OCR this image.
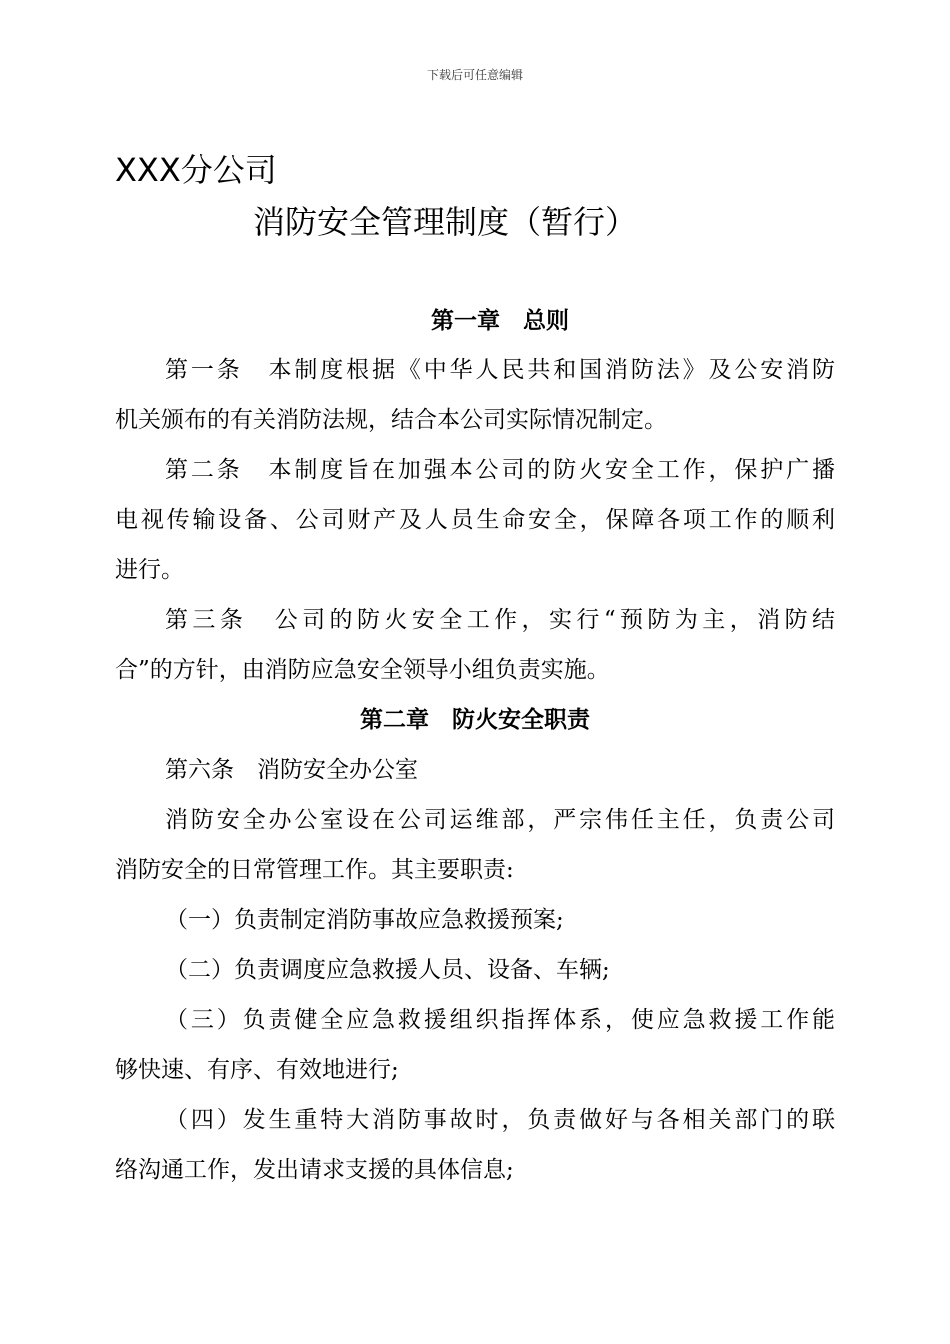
下载后可任意编辑
XXX分公司
消防安全管理制度（暂行）
第一章　总则
第一条　本制度根据《中华人民共和国消防法》及公安消防
机关颁布的有关消防法规，结合本公司实际情况制定。
第二条　本制度旨在加强本公司的防火安全工作，保护广播
电视传输设备、公司财产及人员生命安全，保障各项工作的顺利
进行。
第三条　公司的防火安全工作，实行“预防为主，消防结
合”的方针，由消防应急安全领导小组负责实施。
第二章　防火安全职责
第六条　消防安全办公室
消防安全办公室设在公司运维部，严宗伟任主任，负责公司
消防安全的日常管理工作。其主要职责:
（一）负责制定消防事故应急救援预案;
（二）负责调度应急救援人员、设备、车辆;
（三）负责健全应急救援组织指挥体系，使应急救援工作能
够快速、有序、有效地进行;
（四）发生重特大消防事故时，负责做好与各相关部门的联
络沟通工作，发出请求支援的具体信息;
